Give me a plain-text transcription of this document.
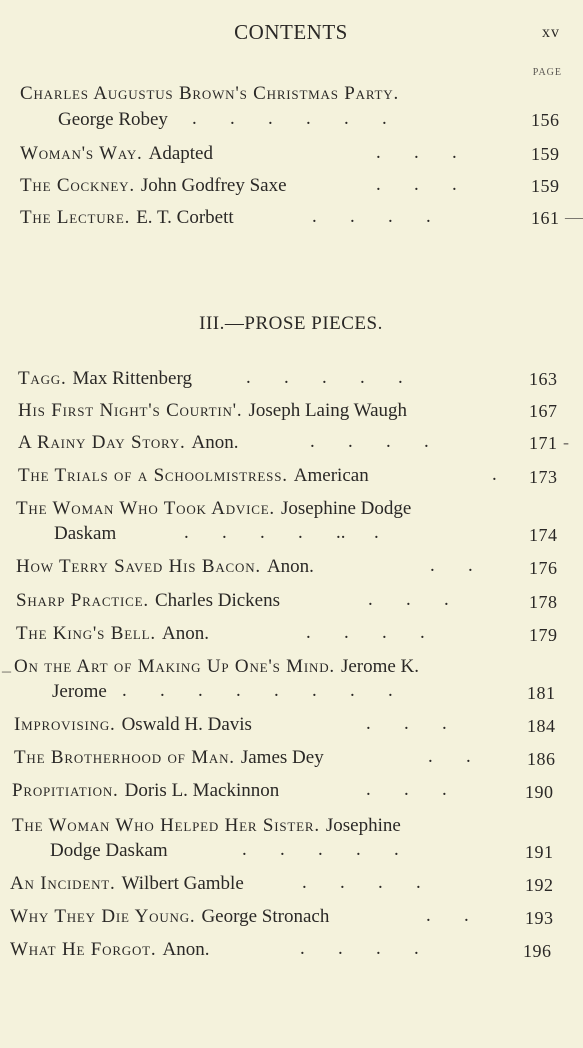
CONTENTS	xv
PAGE
Charles Augustus Brown's Christmas Party.
George Robey .       .       .       .       .       .	156
Woman's Way. Adapted	.       .       .	159
The Cockney. John Godfrey Saxe	.       .       .	159
The Lecture. E. T. Corbett	.       .       .       .	161 —
III.—PROSE PIECES.
Tagg. Max Rittenberg	.       .       .       .       .	163
His First Night's Courtin'. Joseph Laing Waugh	167
A Rainy Day Story. Anon.	.       .       .       .	171 -
The Trials of a Schoolmistress. American	. 173
The Woman Who Took Advice. Josephine Dodge
Daskam	.       .       .       .       ..      .	174
How Terry Saved His Bacon. Anon.	.       .	176
Sharp Practice. Charles Dickens	.       .       .	178
The King's Bell. Anon.	.       .       .       .	179
_ On the Art of Making Up One's Mind. Jerome K.
Jerome .       .       .       .       .       .       .       .	181
Improvising. Oswald H. Davis	.       .       .	184
The Brotherhood of Man. James Dey	.       .	186
Propitiation. Doris L. Mackinnon	.       .       .	190
The Woman Who Helped Her Sister. Josephine
Dodge Daskam	.       .       .       .       .	191
An Incident. Wilbert Gamble	.       .       .       .	192
Why They Die Young. George Stronach	.       .	193
What He Forgot. Anon.	.       .       .       .	196
